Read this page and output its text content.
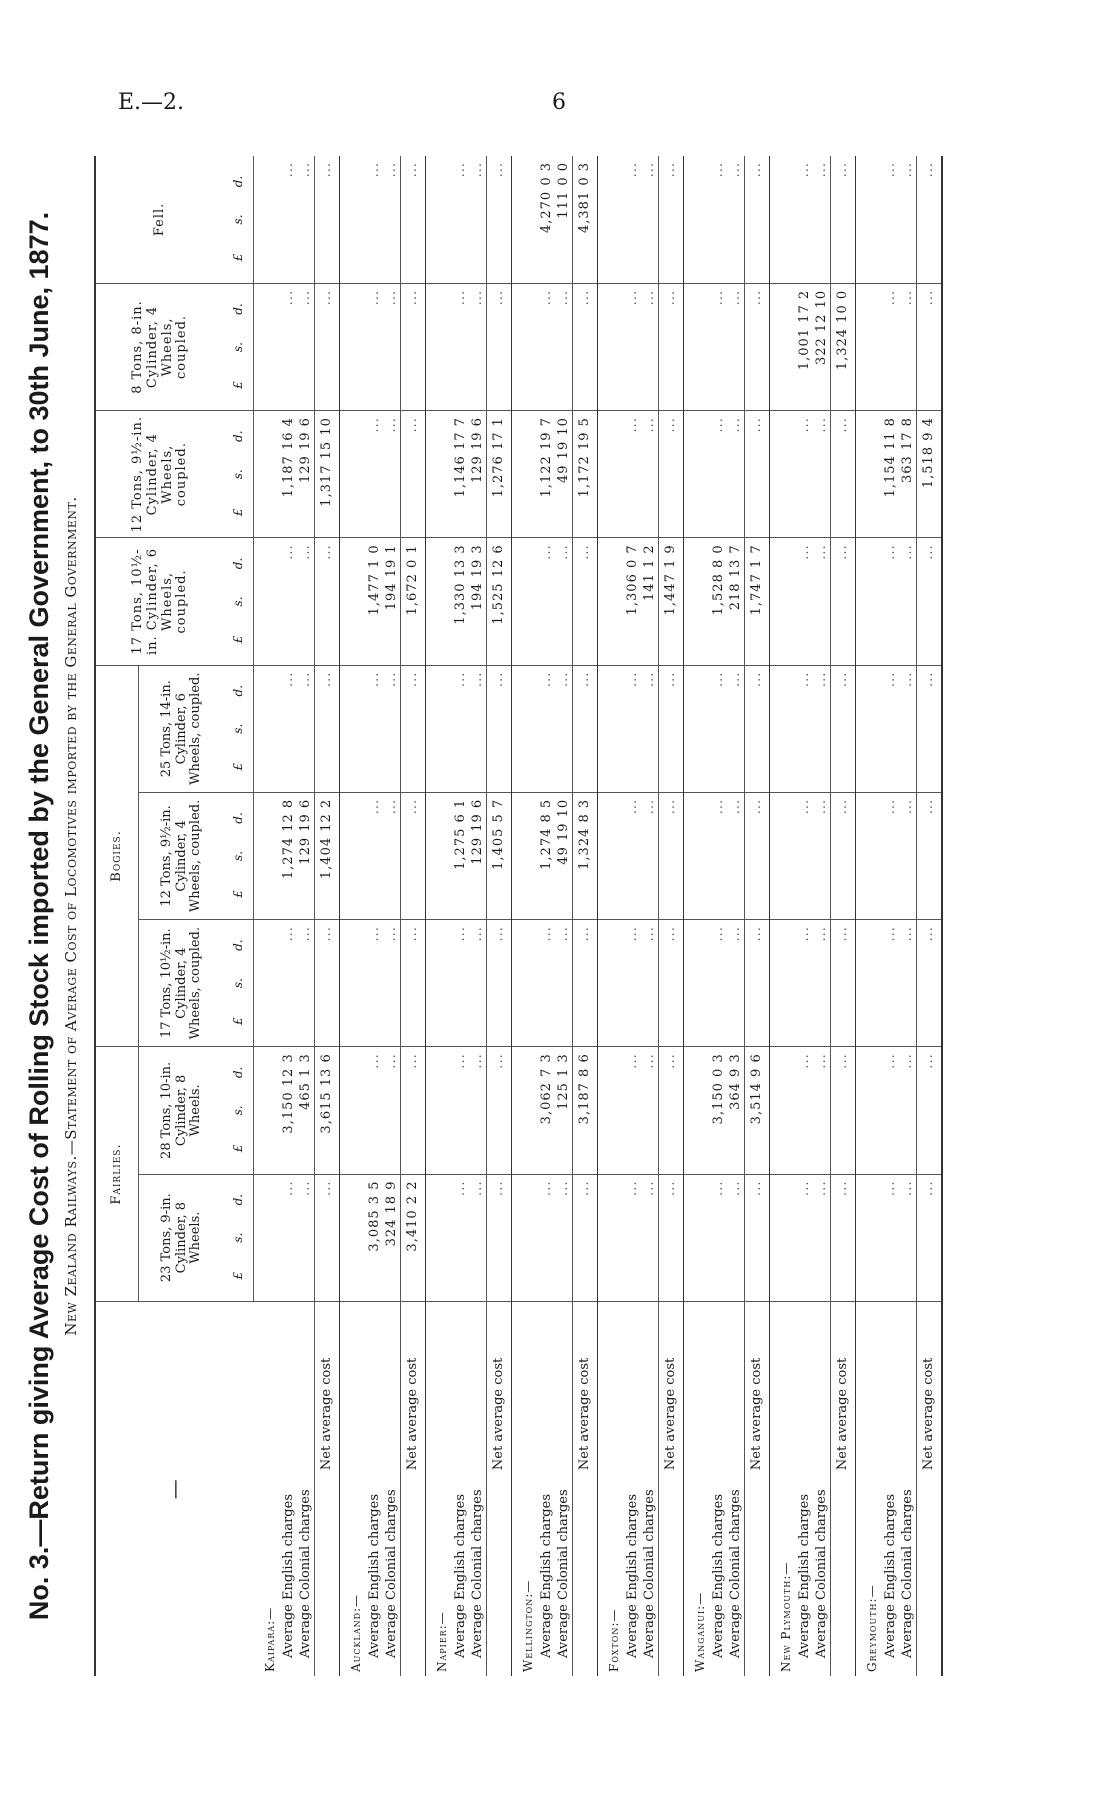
E.—2.	6
No. 3.—Return giving Average Cost of Rolling Stock imported by the General Government, to 30th June, 1877. New Zealand Railways.—Statement of Average Cost of Locomotives imported by the General Government.
—	Fairlies.		Bogies.			17 Tons, 10½-in. Cylinder, 6 Wheels, coupled.	12 Tons, 9½-in. Cylinder, 4 Wheels, coupled.	8 Tons, 8-in. Cylinder, 4 Wheels, coupled.	Fell.
	23 Tons, 9-in. Cylinder, 8 Wheels.	28 Tons, 10-in. Cylinder, 8 Wheels.	17 Tons, 10½-in. Cylinder, 4 Wheels, coupled.	12 Tons, 9½-in. Cylinder, 4 Wheels, coupled.	25 Tons, 14-in. Cylinder, 6 Wheels, coupled.				
	£s.d.	£s.d.	£s.d.	£s.d.	£s.d.	£s.d.	£s.d.	£s.d.	£s.d.
Kaipara:—									
Average English charges	...	3,150 12 3	...	1,274 12 8	...	...	1,187 16 4	...	...
Average Colonial charges	...	465 1 3	...	129 19 6	...	...	129 19 6	...	...
Net average cost	...	3,615 13 6	...	1,404 12 2	...	...	1,317 15 10	...	...
Auckland:—									
Average English charges	3,085 3 5	...	...	...	...	1,477 1 0	...	...	...
Average Colonial charges	324 18 9	...	...	...	...	194 19 1	...	...	...
Net average cost	3,410 2 2	...	...	...	...	1,672 0 1	...	...	...
Napier:—									
Average English charges	...	...	...	1,275 6 1	...	1,330 13 3	1,146 17 7	...	...
Average Colonial charges	...	...	...	129 19 6	...	194 19 3	129 19 6	...	...
Net average cost	...	...	...	1,405 5 7	...	1,525 12 6	1,276 17 1	...	...
Wellington:—									
Average English charges	...	3,062 7 3	...	1,274 8 5	...	...	1,122 19 7	...	4,270 0 3
Average Colonial charges	...	125 1 3	...	49 19 10	...	...	49 19 10	...	111 0 0
Net average cost	...	3,187 8 6	...	1,324 8 3	...	...	1,172 19 5	...	4,381 0 3
Foxton:—									
Average English charges	...	...	...	...	...	1,306 0 7	...	...	...
Average Colonial charges	...	...	...	...	...	141 1 2	...	...	...
Net average cost	...	...	...	...	...	1,447 1 9	...	...	...
Wanganui:—									
Average English charges	...	3,150 0 3	...	...	...	1,528 8 0	...	...	...
Average Colonial charges	...	364 9 3	...	...	...	218 13 7	...	...	...
Net average cost	...	3,514 9 6	...	...	...	1,747 1 7	...	...	...
New Plymouth:—									
Average English charges	...	...	...	...	...	...	...	1,001 17 2	...
Average Colonial charges	...	...	...	...	...	...	...	322 12 10	...
Net average cost	...	...	...	...	...	...	...	1,324 10 0	...
Greymouth:—									
Average English charges	...	...	...	...	...	...	1,154 11 8	...	...
Average Colonial charges	...	...	...	...	...	...	363 17 8	...	...
Net average cost	...	...	...	...	...	...	1,518 9 4	...	...
